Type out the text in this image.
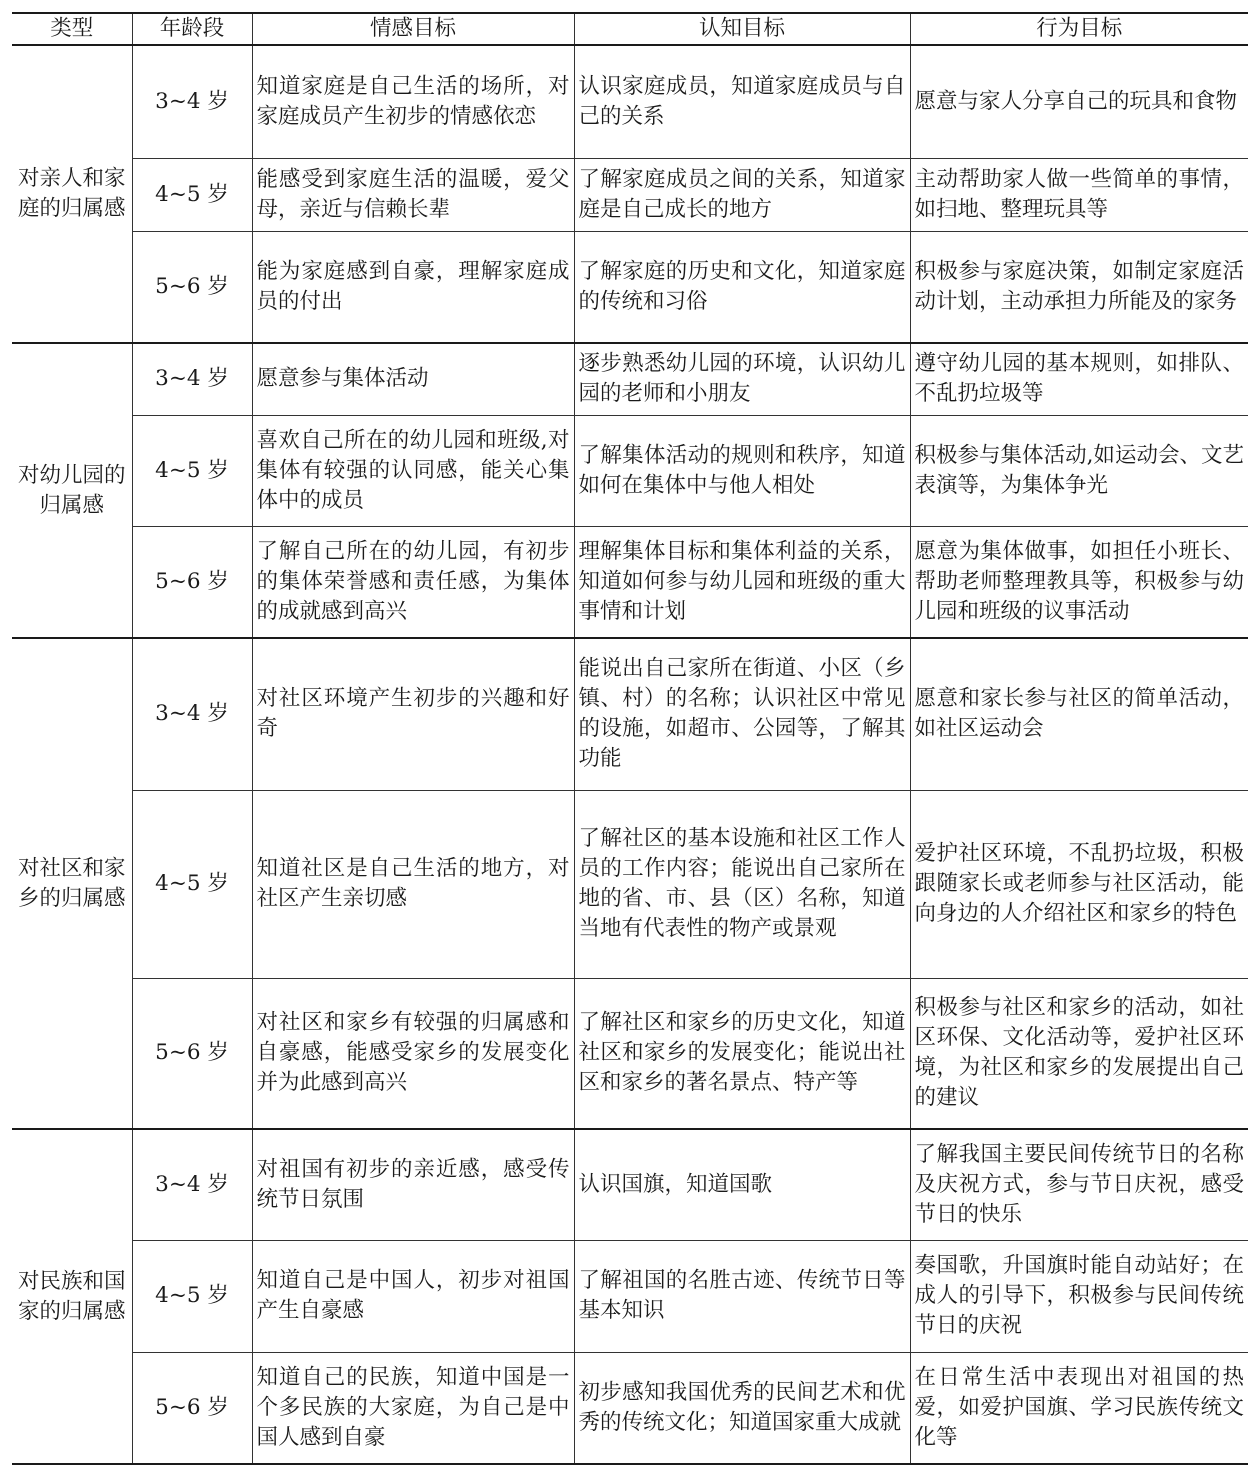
类型	年龄段	情感目标	认知目标	行为目标
对亲人和家庭的归属感	3~4 岁	知道家庭是自己生活的场所，对家庭成员产生初步的情感依恋	认识家庭成员，知道家庭成员与自己的关系	愿意与家人分享自己的玩具和食物
	4~5 岁	能感受到家庭生活的温暖，爱父母，亲近与信赖长辈	了解家庭成员之间的关系，知道家庭是自己成长的地方	主动帮助家人做一些简单的事情，如扫地、整理玩具等
	5~6 岁	能为家庭感到自豪，理解家庭成员的付出	了解家庭的历史和文化，知道家庭的传统和习俗	积极参与家庭决策，如制定家庭活动计划，主动承担力所能及的家务
对幼儿园的归属感	3~4 岁	愿意参与集体活动	逐步熟悉幼儿园的环境，认识幼儿园的老师和小朋友	遵守幼儿园的基本规则，如排队、不乱扔垃圾等
	4~5 岁	喜欢自己所在的幼儿园和班级,对集体有较强的认同感，能关心集体中的成员	了解集体活动的规则和秩序，知道如何在集体中与他人相处	积极参与集体活动,如运动会、文艺表演等，为集体争光
	5~6 岁	了解自己所在的幼儿园，有初步的集体荣誉感和责任感，为集体的成就感到高兴	理解集体目标和集体利益的关系，知道如何参与幼儿园和班级的重大事情和计划	愿意为集体做事，如担任小班长、帮助老师整理教具等，积极参与幼儿园和班级的议事活动
对社区和家乡的归属感	3~4 岁	对社区环境产生初步的兴趣和好奇	能说出自己家所在街道、小区（乡镇、村）的名称；认识社区中常见的设施，如超市、公园等，了解其功能	愿意和家长参与社区的简单活动，如社区运动会
	4~5 岁	知道社区是自己生活的地方，对社区产生亲切感	了解社区的基本设施和社区工作人员的工作内容；能说出自己家所在地的省、市、县（区）名称，知道当地有代表性的物产或景观	爱护社区环境，不乱扔垃圾，积极跟随家长或老师参与社区活动，能向身边的人介绍社区和家乡的特色
	5~6 岁	对社区和家乡有较强的归属感和自豪感，能感受家乡的发展变化并为此感到高兴	了解社区和家乡的历史文化，知道社区和家乡的发展变化；能说出社区和家乡的著名景点、特产等	积极参与社区和家乡的活动，如社区环保、文化活动等，爱护社区环境，为社区和家乡的发展提出自己的建议
对民族和国家的归属感	3~4 岁	对祖国有初步的亲近感，感受传统节日氛围	认识国旗，知道国歌	了解我国主要民间传统节日的名称及庆祝方式，参与节日庆祝，感受节日的快乐
	4~5 岁	知道自己是中国人，初步对祖国产生自豪感	了解祖国的名胜古迹、传统节日等基本知识	奏国歌，升国旗时能自动站好；在成人的引导下，积极参与民间传统节日的庆祝
	5~6 岁	知道自己的民族，知道中国是一个多民族的大家庭，为自己是中国人感到自豪	初步感知我国优秀的民间艺术和优秀的传统文化；知道国家重大成就	在日常生活中表现出对祖国的热爱，如爱护国旗、学习民族传统文化等
